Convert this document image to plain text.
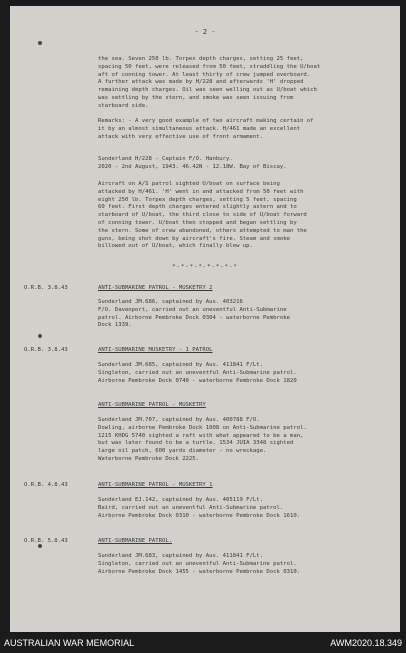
- 2 -
the sea. Seven 250 lb. Torpex depth charges, setting 25 feet,
spacing 50 feet, were released from 50 feet, straddling the U/boat
aft of conning tower. At least thirty of crew jumped overboard.
A further attack was made by H/228 and afterwards 'H' dropped
remaining depth charges. Oil was seen welling out as U/boat which
was settling by the stern, and smoke was seen issuing from
starboard side.
Remarks: - A very good example of two aircraft making certain of
it by an almost simultaneous attack. H/461 made an excellent
attack with very effective use of front armament.
Sunderland H/228 - Captain F/O. Hanbury.
2020 - 2nd August, 1943. 46.42N - 12.18W. Bay of Biscay.
Aircraft on A/S patrol sighted U/boat on surface being
attacked by H/461. 'H' went in and attacked from 50 feet with
eight 250 lb. Torpex depth charges, setting 5 feet, spacing
60 feet. First depth charges entered slightly astern and to
starboard of U/boat, the third close to side of U/boat forward
of conning tower. U/boat then stopped and began settling by
the stern. Some of crew abandoned, others attempted to man the
guns, being shot down by aircraft's fire. Steam and smoke
billowed out of U/boat, which finally blew up.
*-*-*-*-*-*-*-*
O.R.B. 3.8.43	ANTI-SUBMARINE PATROL - MUSKETRY 2
Sunderland JM.686, captained by Aus. 403216
F/O. Davenport, carried out an uneventful Anti-Submarine
patrol. Airborne Pembroke Dock 0304 - waterborne Pembroke
Dock 1339.
O.R.B. 3.8.43	ANTI-SUBMARINE MUSKETRY - 1 PATROL
Sunderland JM.685, captained by Aus. 411841 F/Lt.
Singleton, carried out an uneventful Anti-Submarine patrol.
Airborne Pembroke Dock 0740 - waterborne Pembroke Dock 1820
ANTI-SUBMARINE PATROL - MUSKETRY
Sunderland JM.707, captained by Aus. 400788 F/O.
Dowling, airborne Pembroke Dock 1008 on Anti-Submarine patrol.
1215 KHDG 5740 sighted a raft with what appeared to be a man,
but was later found to be a turtle. 1534 JUIA 3348 sighted
large oil patch, 600 yards diameter - no wreckage.
Waterborne Pembroke Dock 2225.
O.R.B. 4.8.43	ANTI-SUBMARINE PATROL - MUSKETRY 1
Sunderland EJ.142, captained by Aus. 405119 F/Lt.
Baird, carried out an uneventful Anti-Submarine patrol.
Airborne Pembroke Dock 0310 - waterborne Pembroke Dock 1610.
O.R.B. 5.8.43	ANTI-SUBMARINE PATROL.
Sunderland JM.683, captained by Aus. 411841 F/Lt.
Singleton, carried out an uneventful Anti-Submarine patrol.
Airborne Pembroke Dock 1455 - waterborne Pembroke Dock 0310.
AUSTRALIAN WAR MEMORIAL	AWM2020.18.349
